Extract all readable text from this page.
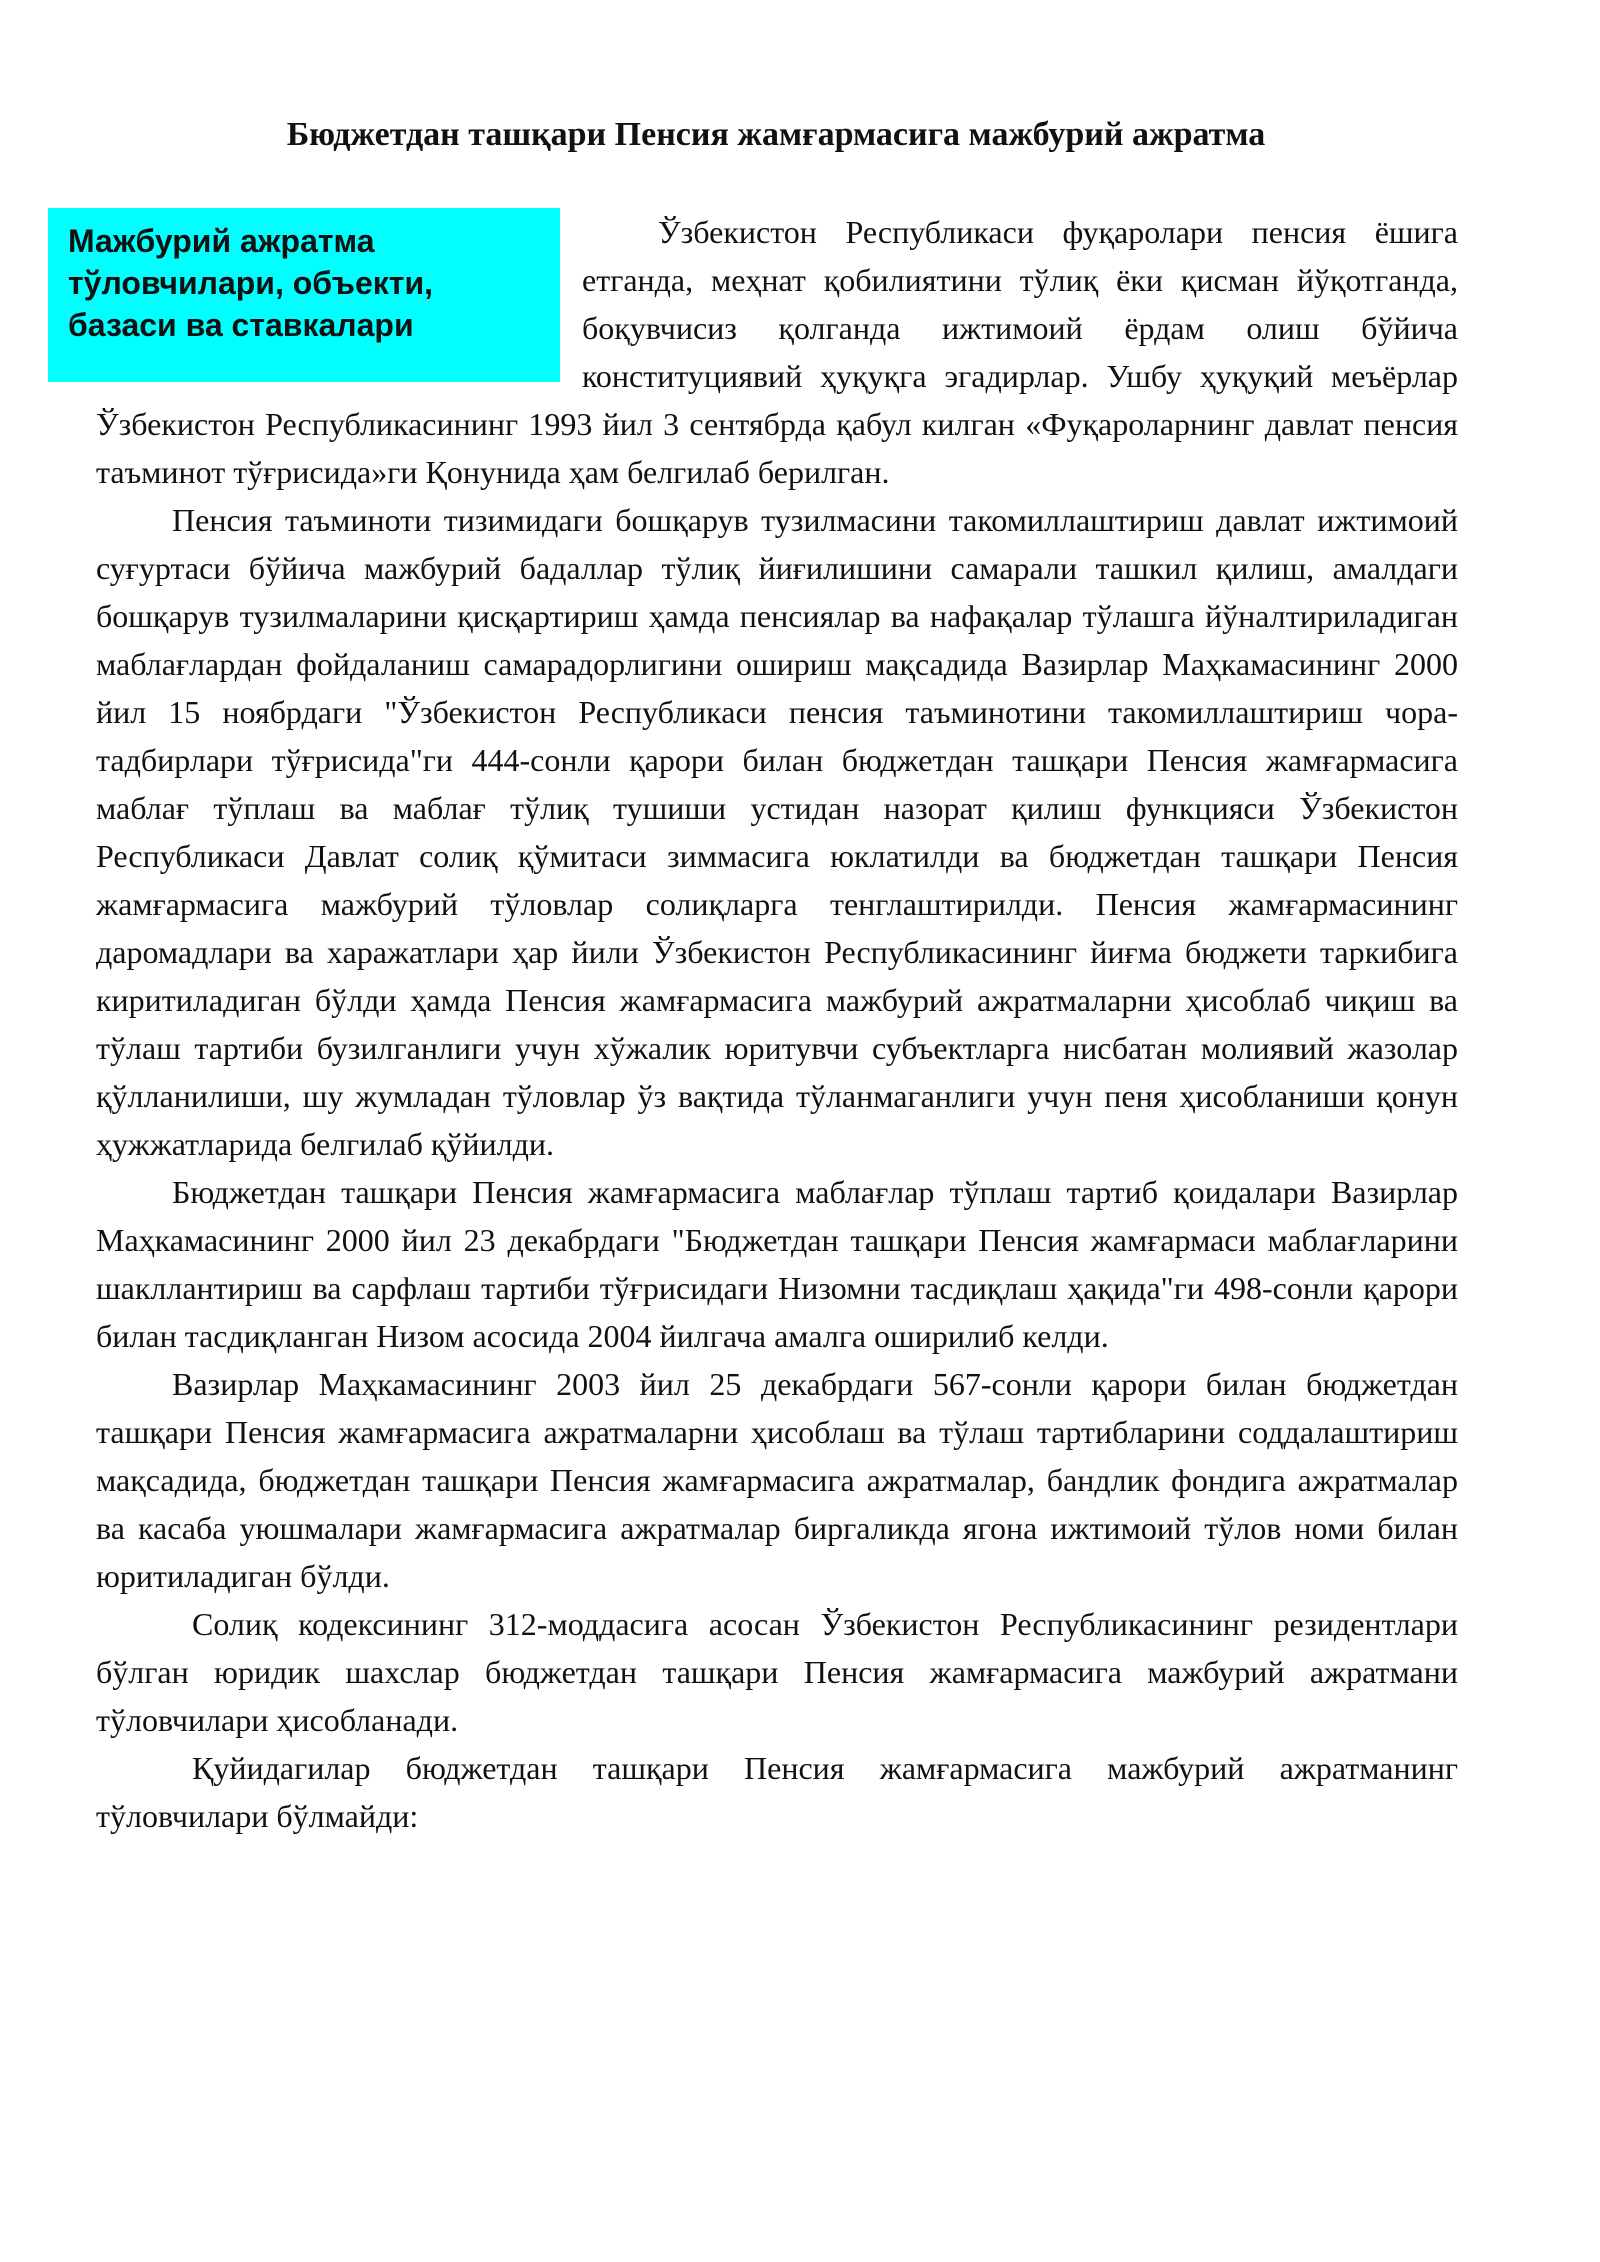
Бюджетдан ташқари Пенсия жамғармасига мажбурий ажратма
Мажбурий ажратма тўловчилари, объекти, базаси ва ставкалари

Ўзбекистон Республикаси фуқаролари пенсия ёшига етганда, меҳнат қобилиятини тўлиқ ёки қисман йўқотганда, боқувчисиз қолганда ижтимоий ёрдам олиш бўйича конституциявий ҳуқуқга эгадирлар. Ушбу ҳуқуқий меъёрлар Ўзбекистон Республикасининг 1993 йил 3 сентябрда қабул килган «Фуқароларнинг давлат пенсия таъминот тўғрисида»ги Қонунида ҳам белгилаб берилган.

Пенсия таъминоти тизимидаги бошқарув тузилмасини такомиллаштириш давлат ижтимоий суғуртаси бўйича мажбурий бадаллар тўлиқ йиғилишини самарали ташкил қилиш, амалдаги бошқарув тузилмаларини қисқартириш ҳамда пенсиялар ва нафақалар тўлашга йўналтириладиган маблағлардан фойдаланиш самарадорлигини ошириш мақсадида Вазирлар Маҳкамасининг 2000 йил 15 ноябрдаги "Ўзбекистон Республикаси пенсия таъминотини такомиллаштириш чора-тадбирлари тўғрисида"ги 444-сонли қарори билан бюджетдан ташқари Пенсия жамғармасига маблағ тўплаш ва маблағ тўлиқ тушиши устидан назорат қилиш функцияси Ўзбекистон Республикаси Давлат солиқ қўмитаси зиммасига юклатилди ва бюджетдан ташқари Пенсия жамғармасига мажбурий тўловлар солиқларга тенглаштирилди. Пенсия жамғармасининг даромадлари ва харажатлари ҳар йили Ўзбекистон Республикасининг йиғма бюджети таркибига киритиладиган бўлди ҳамда Пенсия жамғармасига мажбурий ажратмаларни ҳисоблаб чиқиш ва тўлаш тартиби бузилганлиги учун хўжалик юритувчи субъектларга нисбатан молиявий жазолар қўлланилиши, шу жумладан тўловлар ўз вақтида тўланмаганлиги учун пеня ҳисобланиши қонун ҳужжатларида белгилаб қўйилди.

Бюджетдан ташқари Пенсия жамғармасига маблағлар тўплаш тартиб қоидалари Вазирлар Маҳкамасининг 2000 йил 23 декабрдаги "Бюджетдан ташқари Пенсия жамғармаси маблағларини шакллантириш ва сарфлаш тартиби тўғрисидаги Низомни тасдиқлаш ҳақида"ги 498-сонли қарори билан тасдиқланган Низом асосида 2004 йилгача амалга оширилиб келди.

Вазирлар Маҳкамасининг 2003 йил 25 декабрдаги 567-сонли қарори билан бюджетдан ташқари Пенсия жамғармасига ажратмаларни ҳисоблаш ва тўлаш тартибларини соддалаштириш мақсадида, бюджетдан ташқари Пенсия жамғармасига ажратмалар, бандлик фондига ажратмалар ва касаба уюшмалари жамғармасига ажратмалар биргаликда ягона ижтимоий тўлов номи билан юритиладиган бўлди.

Солиқ кодексининг 312-моддасига асосан Ўзбекистон Республикасининг резидентлари бўлган юридик шахслар бюджетдан ташқари Пенсия жамғармасига мажбурий ажратмани тўловчилари ҳисобланади.

Қуйидагилар бюджетдан ташқари Пенсия жамғармасига мажбурий ажратманинг тўловчилари бўлмайди:
